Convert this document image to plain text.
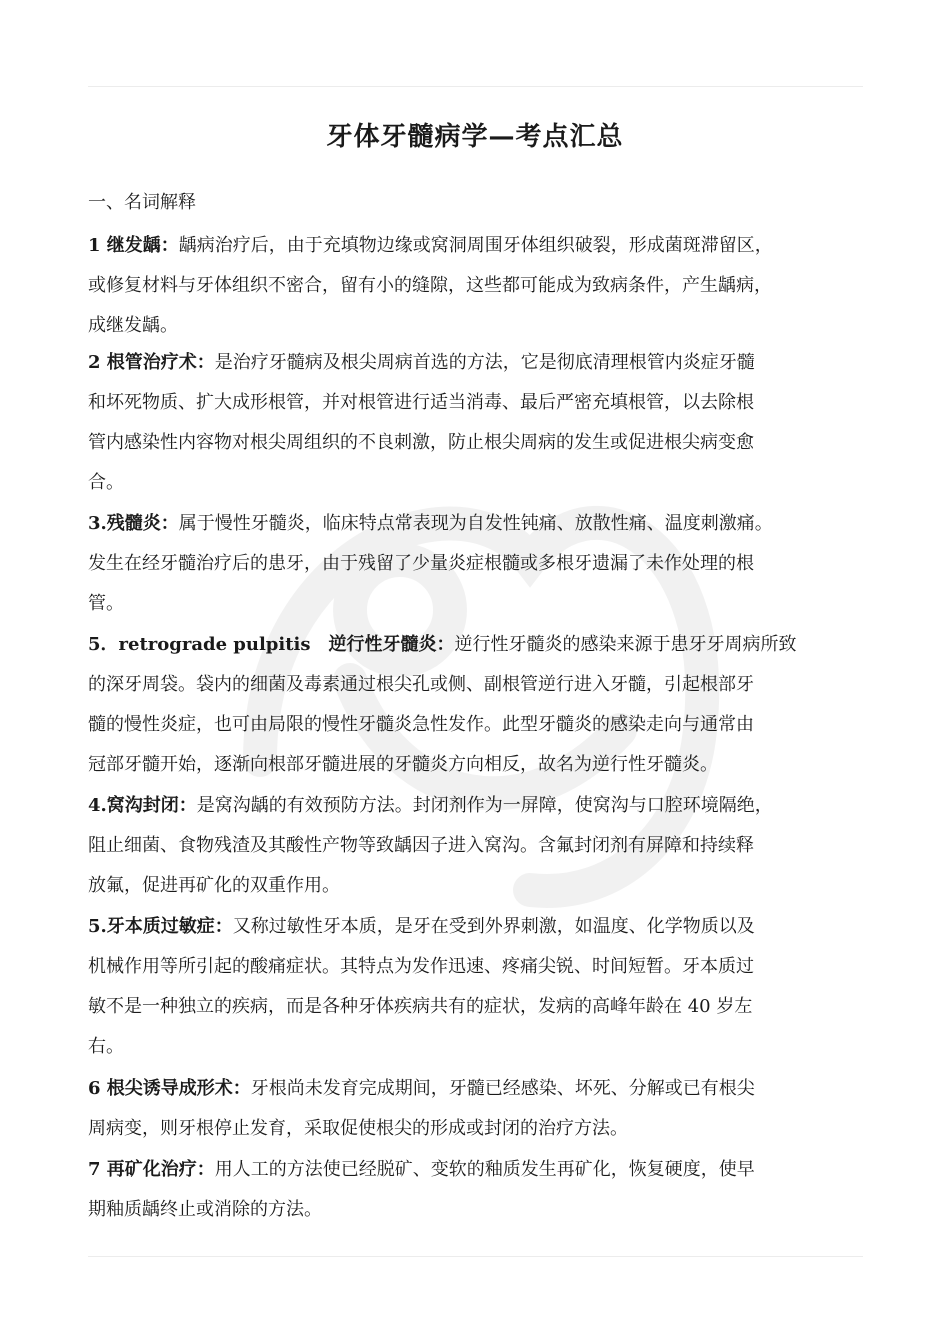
牙体牙髓病学—考点汇总

一、名词解释

1 继发龋：龋病治疗后，由于充填物边缘或窝洞周围牙体组织破裂，形成菌斑滞留区，
或修复材料与牙体组织不密合，留有小的缝隙，这些都可能成为致病条件，产生龋病，
成继发龋。
2 根管治疗术：是治疗牙髓病及根尖周病首选的方法，它是彻底清理根管内炎症牙髓
和坏死物质、扩大成形根管，并对根管进行适当消毒、最后严密充填根管，以去除根
管内感染性内容物对根尖周组织的不良刺激，防止根尖周病的发生或促进根尖病变愈
合。
3.残髓炎：属于慢性牙髓炎，临床特点常表现为自发性钝痛、放散性痛、温度刺激痛。
发生在经牙髓治疗后的患牙，由于残留了少量炎症根髓或多根牙遗漏了未作处理的根
管。
5．retrograde pulpitis　逆行性牙髓炎：逆行性牙髓炎的感染来源于患牙牙周病所致
的深牙周袋。袋内的细菌及毒素通过根尖孔或侧、副根管逆行进入牙髓，引起根部牙
髓的慢性炎症，也可由局限的慢性牙髓炎急性发作。此型牙髓炎的感染走向与通常由
冠部牙髓开始，逐渐向根部牙髓进展的牙髓炎方向相反，故名为逆行性牙髓炎。
4.窝沟封闭：是窝沟龋的有效预防方法。封闭剂作为一屏障，使窝沟与口腔环境隔绝，
阻止细菌、食物残渣及其酸性产物等致龋因子进入窝沟。含氟封闭剂有屏障和持续释
放氟，促进再矿化的双重作用。
5.牙本质过敏症：又称过敏性牙本质，是牙在受到外界刺激，如温度、化学物质以及
机械作用等所引起的酸痛症状。其特点为发作迅速、疼痛尖锐、时间短暂。牙本质过
敏不是一种独立的疾病，而是各种牙体疾病共有的症状，发病的高峰年龄在 40 岁左
右。
6 根尖诱导成形术：牙根尚未发育完成期间，牙髓已经感染、坏死、分解或已有根尖
周病变，则牙根停止发育，采取促使根尖的形成或封闭的治疗方法。
7 再矿化治疗：用人工的方法使已经脱矿、变软的釉质发生再矿化，恢复硬度，使早
期釉质龋终止或消除的方法。
